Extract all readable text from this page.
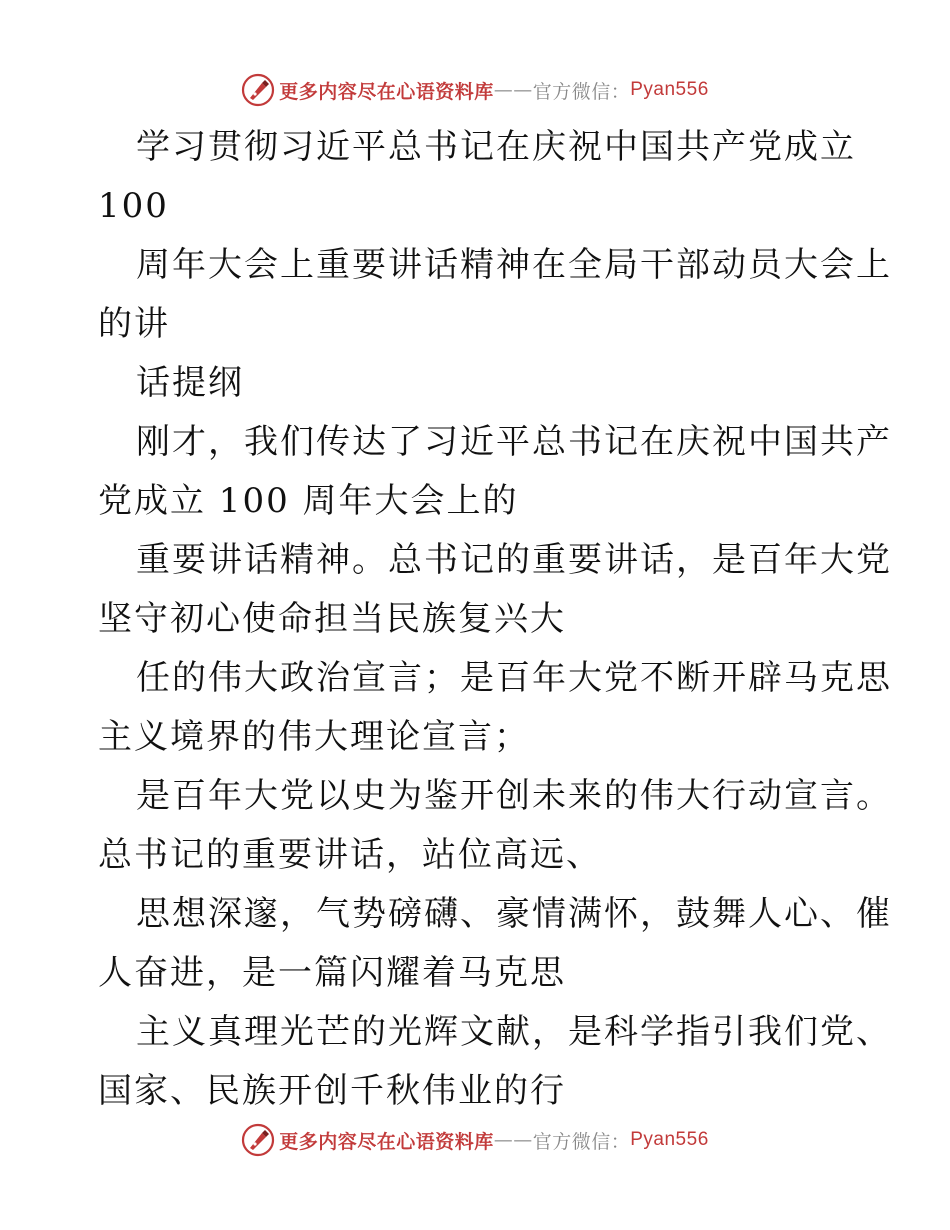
更多内容尽在心语资料库 —— 官方微信： Pyan556
学习贯彻习近平总书记在庆祝中国共产党成立
100
周年大会上重要讲话精神在全局干部动员大会上
的讲
话提纲
刚才，我们传达了习近平总书记在庆祝中国共产
党成立 100 周年大会上的
重要讲话精神。总书记的重要讲话，是百年大党
坚守初心使命担当民族复兴大
任的伟大政治宣言；是百年大党不断开辟马克思
主义境界的伟大理论宣言；
是百年大党以史为鉴开创未来的伟大行动宣言。
总书记的重要讲话，站位高远、
思想深邃，气势磅礴、豪情满怀，鼓舞人心、催
人奋进，是一篇闪耀着马克思
主义真理光芒的光辉文献，是科学指引我们党、
国家、民族开创千秋伟业的行
更多内容尽在心语资料库 —— 官方微信： Pyan556
